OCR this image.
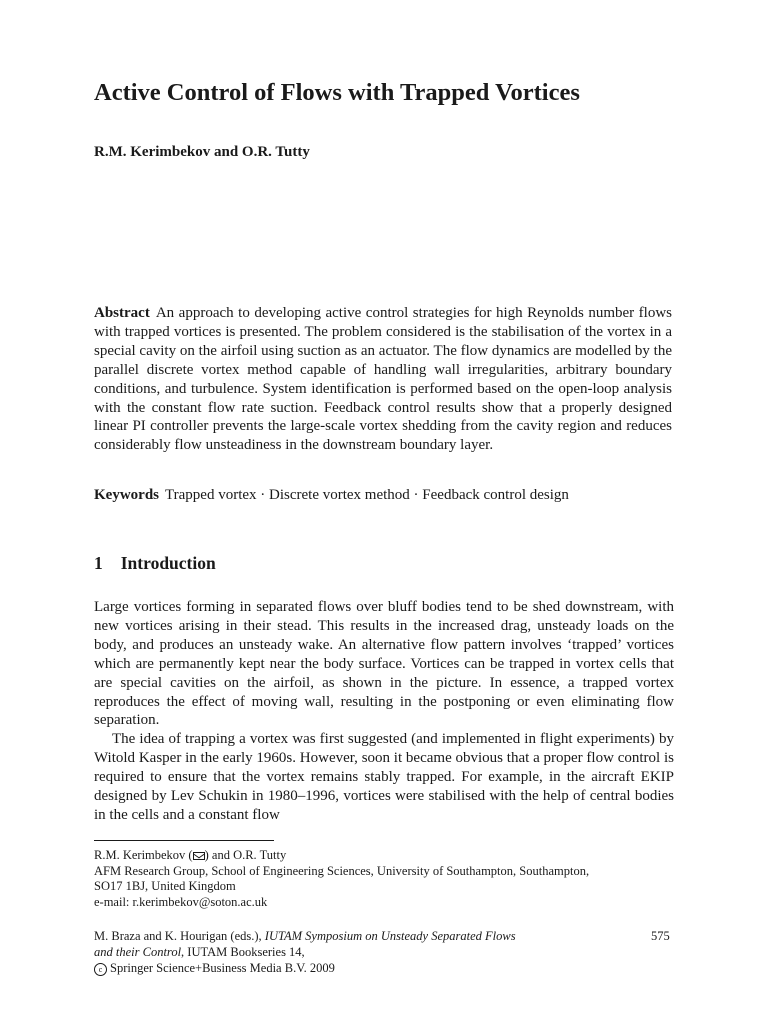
Active Control of Flows with Trapped Vortices
R.M. Kerimbekov and O.R. Tutty
Abstract An approach to developing active control strategies for high Reynolds number flows with trapped vortices is presented. The problem considered is the stabilisation of the vortex in a special cavity on the airfoil using suction as an actuator. The flow dynamics are modelled by the parallel discrete vortex method capable of handling wall irregularities, arbitrary boundary conditions, and turbulence. System identification is performed based on the open-loop analysis with the constant flow rate suction. Feedback control results show that a properly designed linear PI controller prevents the large-scale vortex shedding from the cavity region and reduces considerably flow unsteadiness in the downstream boundary layer.
Keywords Trapped vortex · Discrete vortex method · Feedback control design
1 Introduction

Large vortices forming in separated flows over bluff bodies tend to be shed downstream, with new vortices arising in their stead. This results in the increased drag, unsteady loads on the body, and produces an unsteady wake. An alternative flow pattern involves ‘trapped’ vortices which are permanently kept near the body surface. Vortices can be trapped in vortex cells that are special cavities on the airfoil, as shown in the picture. In essence, a trapped vortex reproduces the effect of moving wall, resulting in the postponing or even eliminating flow separation.

The idea of trapping a vortex was first suggested (and implemented in flight experiments) by Witold Kasper in the early 1960s. However, soon it became obvious that a proper flow control is required to ensure that the vortex remains stably trapped. For example, in the aircraft EKIP designed by Lev Schukin in 1980–1996, vortices were stabilised with the help of central bodies in the cells and a constant flow

R.M. Kerimbekov ( ) and O.R. Tutty
AFM Research Group, School of Engineering Sciences, University of Southampton, Southampton,
SO17 1BJ, United Kingdom
e-mail: r.kerimbekov@soton.ac.uk
M. Braza and K. Hourigan (eds.), IUTAM Symposium on Unsteady Separated Flows
and their Control, IUTAM Bookseries 14,
c Springer Science+Business Media B.V. 2009
575
